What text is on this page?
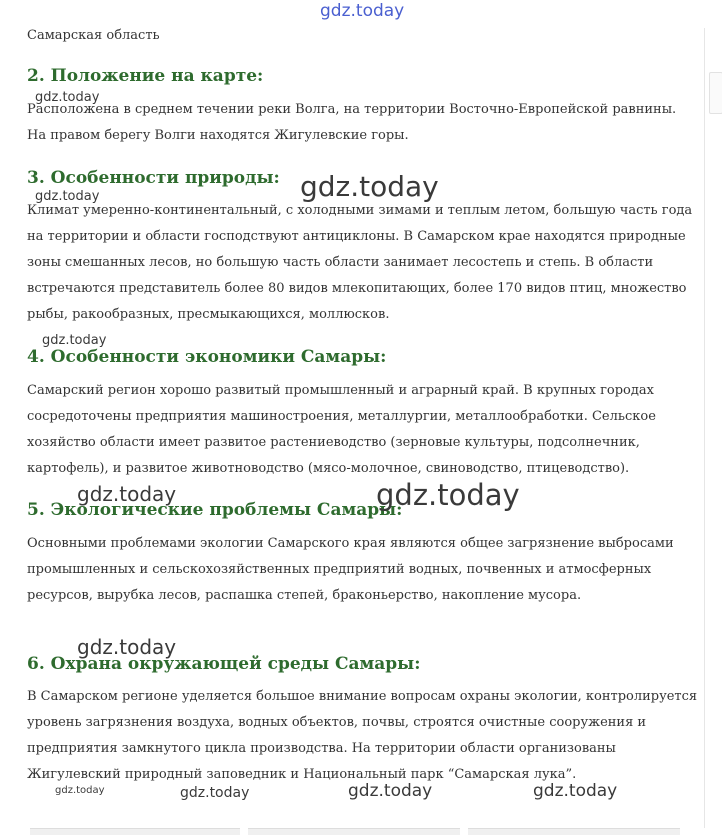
Самарская область
2. Положение на карте:

Расположена в среднем течении реки Волга, на территории Восточно-Европейской равнины. На правом берегу Волги находятся Жигулевские горы.

3. Особенности природы:

Климат умеренно-континентальный, с холодными зимами и теплым летом, большую часть года на территории и области господствуют антициклоны. В Самарском крае находятся природные зоны смешанных лесов, но большую часть области занимает лесостепь и степь. В области встречаются представитель более 80 видов млекопитающих, более 170 видов птиц, множество рыбы, ракообразных, пресмыкающихся, моллюсков.

4. Особенности экономики Самары:

Самарский регион хорошо развитый промышленный и аграрный край. В крупных городах сосредоточены предприятия машиностроения, металлургии, металлообработки. Сельское хозяйство области имеет развитое растениеводство (зерновые культуры, подсолнечник, картофель), и развитое животноводство (мясо-молочное, свиноводство, птицеводство).

5. Экологические проблемы Самары:

Основными проблемами экологии Самарского края являются общее загрязнение выбросами промышленных и сельскохозяйственных предприятий водных, почвенных и атмосферных ресурсов, вырубка лесов, распашка степей, браконьерство, накопление мусора.

6. Охрана окружающей среды Самары:

В Самарском регионе уделяется большое внимание вопросам охраны экологии, контролируется уровень загрязнения воздуха, водных объектов, почвы, строятся очистные сооружения и предприятия замкнутого цикла производства. На территории области организованы Жигулевский природный заповедник и Национальный парк “Самарская лука”.

gdz.today
gdz.today
gdz.today
gdz.today
gdz.today
gdz.today	gdz.today
gdz.today
gdz.today	gdz.today	gdz.today	gdz.today
